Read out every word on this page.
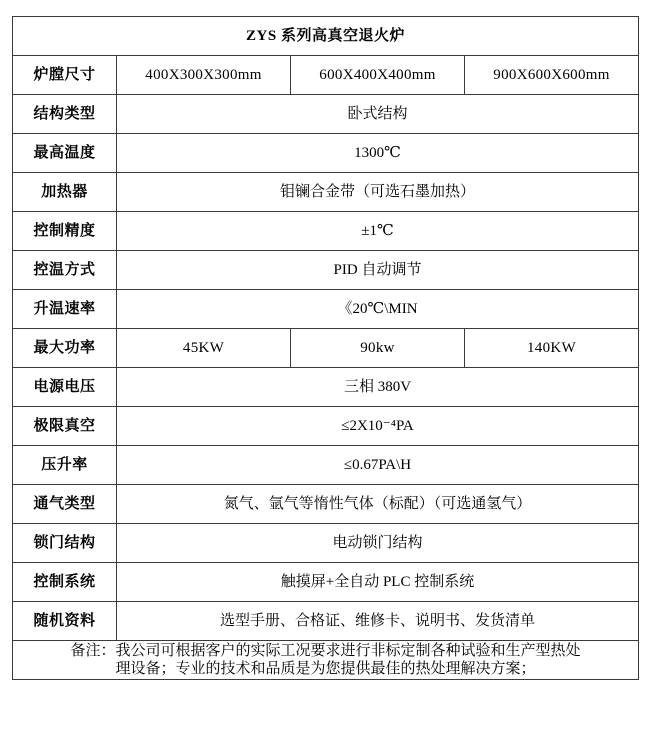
ZYS 系列高真空退火炉			
炉膛尺寸	400X300X300mm	600X400X400mm	900X600X600mm
结构类型	卧式结构		
最高温度	1300℃		
加热器	钼镧合金带（可选石墨加热）		
控制精度	±1℃		
控温方式	PID 自动调节		
升温速率	《20℃\MIN		
最大功率	45KW	90kw	140KW
电源电压	三相 380V		
极限真空	≤2X10⁻⁴PA		
压升率	≤0.67PA\H		
通气类型	氮气、氩气等惰性气体（标配）（可选通氢气）		
锁门结构	电动锁门结构		
控制系统	触摸屏+全自动 PLC 控制系统		
随机资料	选型手册、合格证、维修卡、说明书、发货清单		

备注：我公司可根据客户的实际工况要求进行非标定制各种试验和生产型热处

理设备；专业的技术和品质是为您提供最佳的热处理解决方案；			
